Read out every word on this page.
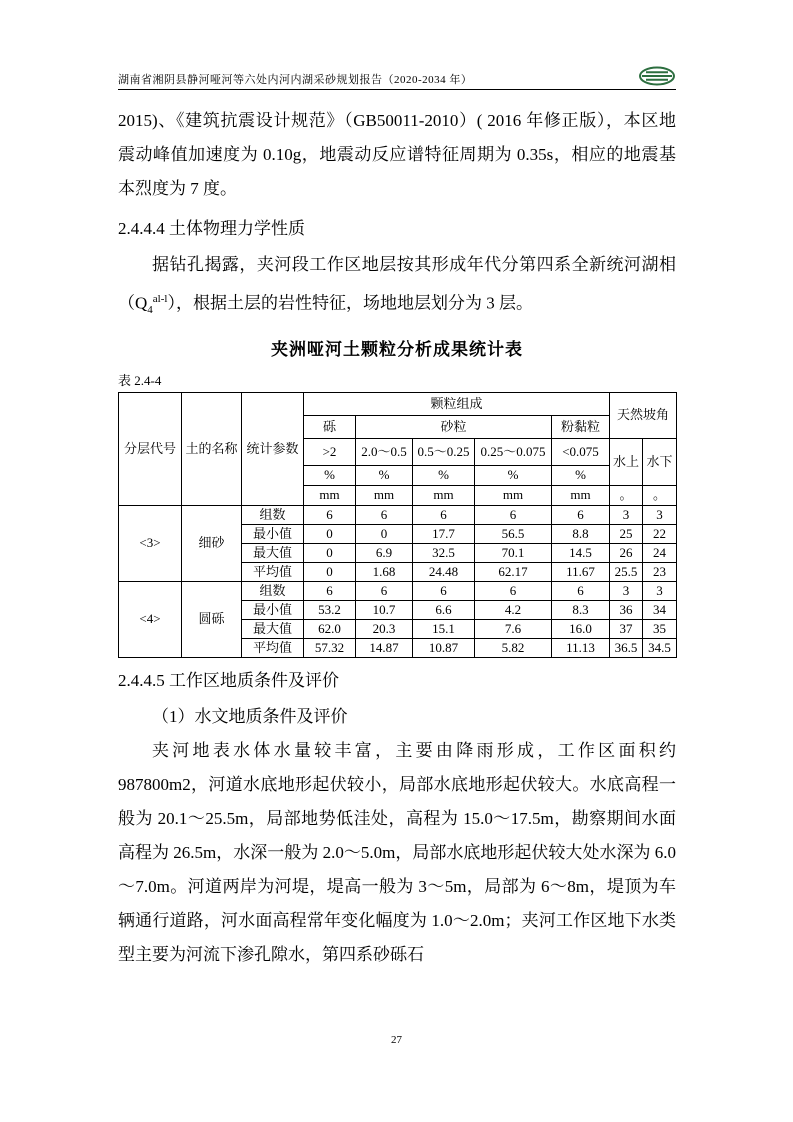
湖南省湘阴县静河哑河等六处内河内湖采砂规划报告（2020-2034 年）

2015)、《建筑抗震设计规范》（GB50011-2010）( 2016 年修正版），本区地震动峰值加速度为 0.10g，地震动反应谱特征周期为 0.35s，相应的地震基本烈度为 7 度。

2.4.4.4 土体物理力学性质

据钻孔揭露，夹河段工作区地层按其形成年代分第四系全新统河湖相$(Q_4^{al-l})$，根据土层的岩性特征，场地地层划分为 3 层。

夹洲哑河土颗粒分析成果统计表

表 2.4-4

分层代号	土的名称	统计参数	颗粒组成					天然坡角	
			砾	砂粒			粉黏粒		
			>2	2.0～0.5	0.5～0.25	0.25～0.075	<0.075	水上	水下
			%	%	%	%	%		
			mm	mm	mm	mm	mm	。	。
<3>	细砂	组数	6	6	6	6	6	3	3
		最小值	0	0	17.7	56.5	8.8	25	22
		最大值	0	6.9	32.5	70.1	14.5	26	24
		平均值	0	1.68	24.48	62.17	11.67	25.5	23
<4>	圆砾	组数	6	6	6	6	6	3	3
		最小值	53.2	10.7	6.6	4.2	8.3	36	34
		最大值	62.0	20.3	15.1	7.6	16.0	37	35
		平均值	57.32	14.87	10.87	5.82	11.13	36.5	34.5

2.4.4.5 工作区地质条件及评价

（1）水文地质条件及评价

夹河地表水体水量较丰富，主要由降雨形成，工作区面积约987800m2，河道水底地形起伏较小，局部水底地形起伏较大。水底高程一般为 20.1～25.5m，局部地势低洼处，高程为 15.0～17.5m，勘察期间水面高程为 26.5m，水深一般为 2.0～5.0m，局部水底地形起伏较大处水深为 6.0～7.0m。河道两岸为河堤，堤高一般为 3～5m，局部为 6～8m，堤顶为车辆通行道路，河水面高程常年变化幅度为 1.0～2.0m；夹河工作区地下水类型主要为河流下渗孔隙水，第四系砂砾石

27
